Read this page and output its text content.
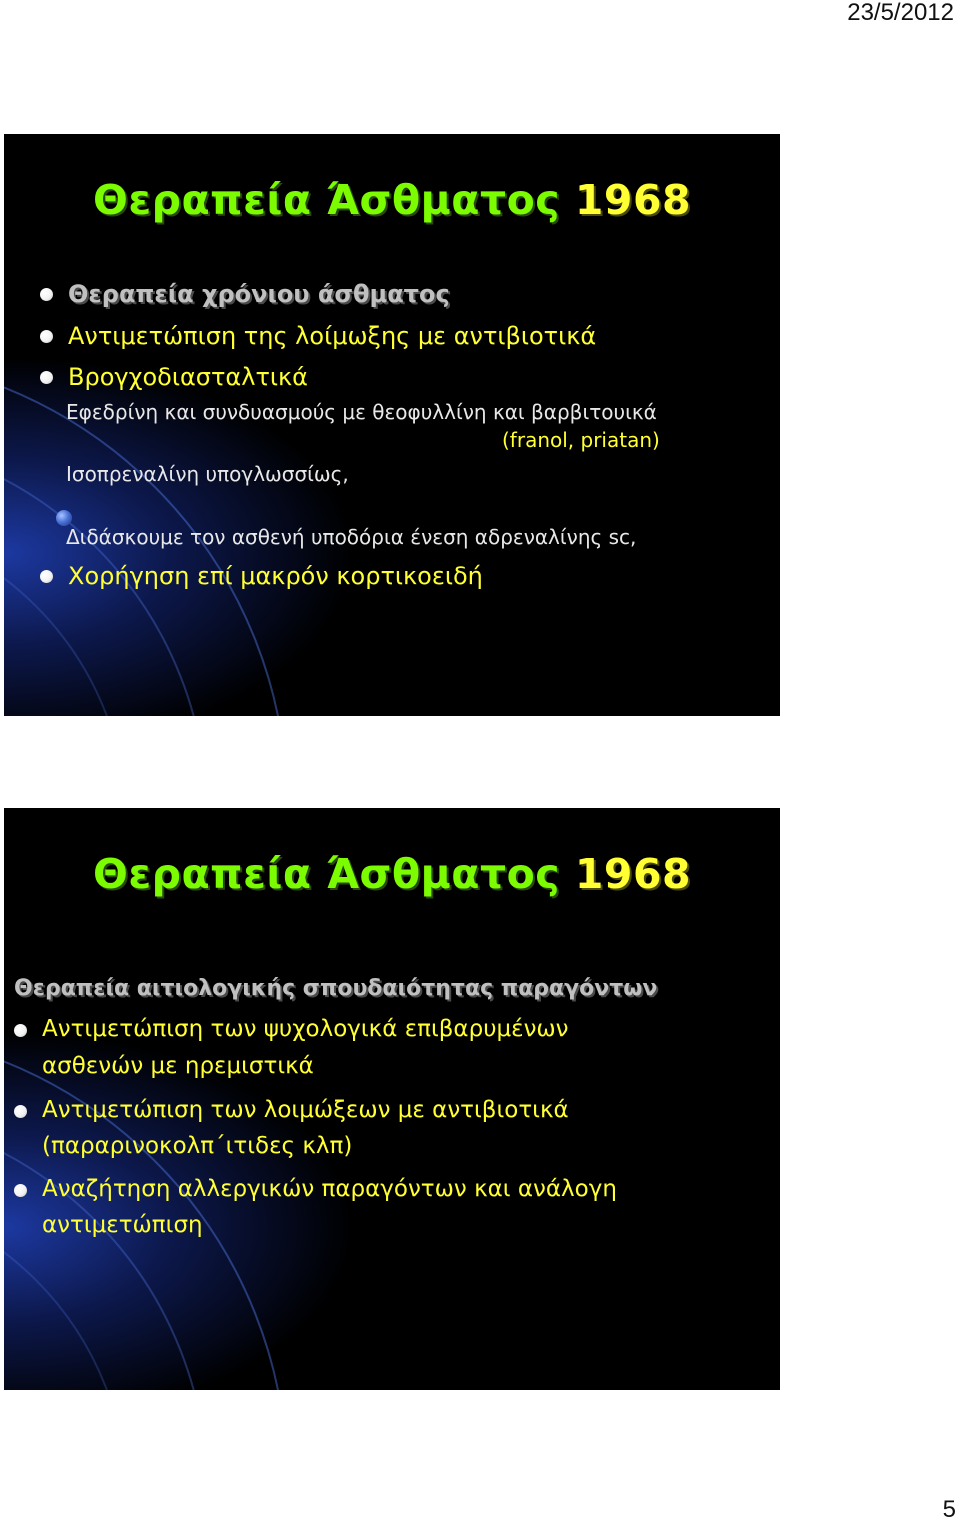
23/5/2012
Θεραπεία Άσθματος 1968
Θεραπεία χρόνιου άσθματος
Αντιμετώπιση της λοίμωξης με αντιβιοτικά
Βρογχοδιασταλτικά
Εφεδρίνη και συνδυασμούς με θεοφυλλίνη και βαρβιτουικά
(franol, priatan)
Ισοπρεναλίνη υπογλωσσίως,
Διδάσκουμε τον ασθενή υποδόρια ένεση αδρεναλίνης sc,
Χορήγηση επί μακρόν κορτικοειδή
Θεραπεία Άσθματος 1968
Θεραπεία αιτιολογικής σπουδαιότητας παραγόντων
Αντιμετώπιση των ψυχολογικά επιβαρυμένων
ασθενών με ηρεμιστικά
Αντιμετώπιση των λοιμώξεων με αντιβιοτικά
(παραρινοκολπ΄ιτιδες κλπ)
Αναζήτηση αλλεργικών παραγόντων και ανάλογη
αντιμετώπιση
5
